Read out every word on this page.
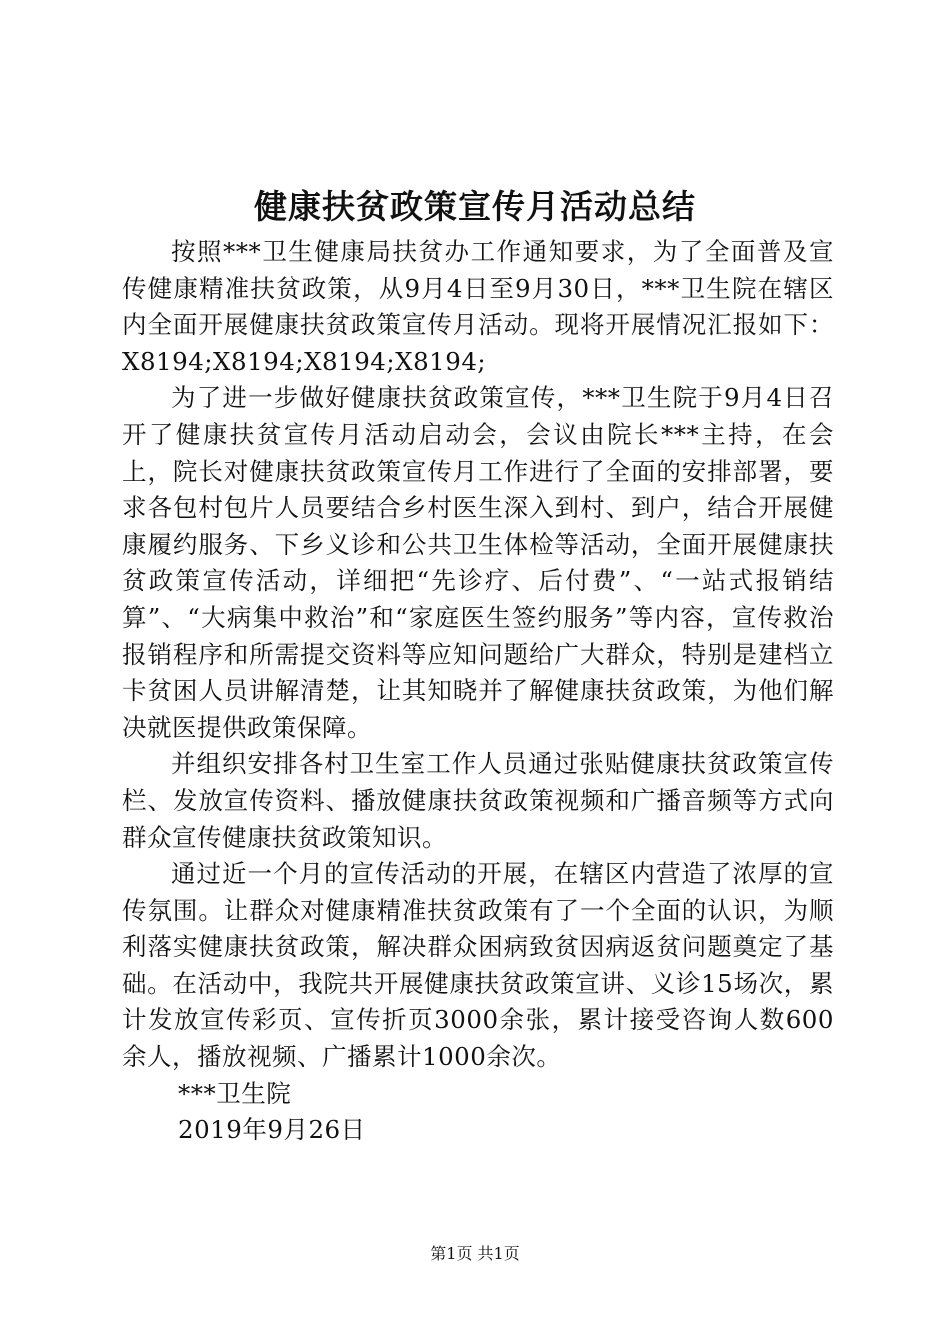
健康扶贫政策宣传月活动总结

按照***卫生健康局扶贫办工作通知要求，为了全面普及宣传健康精准扶贫政策，从9月4日至9月30日，***卫生院在辖区内全面开展健康扶贫政策宣传月活动。现将开展情况汇报如下：X8194;X8194;X8194;X8194;

为了进一步做好健康扶贫政策宣传，***卫生院于9月4日召开了健康扶贫宣传月活动启动会，会议由院长***主持，在会上，院长对健康扶贫政策宣传月工作进行了全面的安排部署，要求各包村包片人员要结合乡村医生深入到村、到户，结合开展健康履约服务、下乡义诊和公共卫生体检等活动，全面开展健康扶贫政策宣传活动，详细把“先诊疗、后付费”、“一站式报销结算”、“大病集中救治”和“家庭医生签约服务”等内容，宣传救治报销程序和所需提交资料等应知问题给广大群众，特别是建档立卡贫困人员讲解清楚，让其知晓并了解健康扶贫政策，为他们解决就医提供政策保障。

并组织安排各村卫生室工作人员通过张贴健康扶贫政策宣传栏、发放宣传资料、播放健康扶贫政策视频和广播音频等方式向群众宣传健康扶贫政策知识。

通过近一个月的宣传活动的开展，在辖区内营造了浓厚的宣传氛围。让群众对健康精准扶贫政策有了一个全面的认识，为顺利落实健康扶贫政策，解决群众困病致贫因病返贫问题奠定了基础。在活动中，我院共开展健康扶贫政策宣讲、义诊15场次，累计发放宣传彩页、宣传折页3000余张，累计接受咨询人数600余人，播放视频、广播累计1000余次。

***卫生院

2019年9月26日

第1页 共1页
